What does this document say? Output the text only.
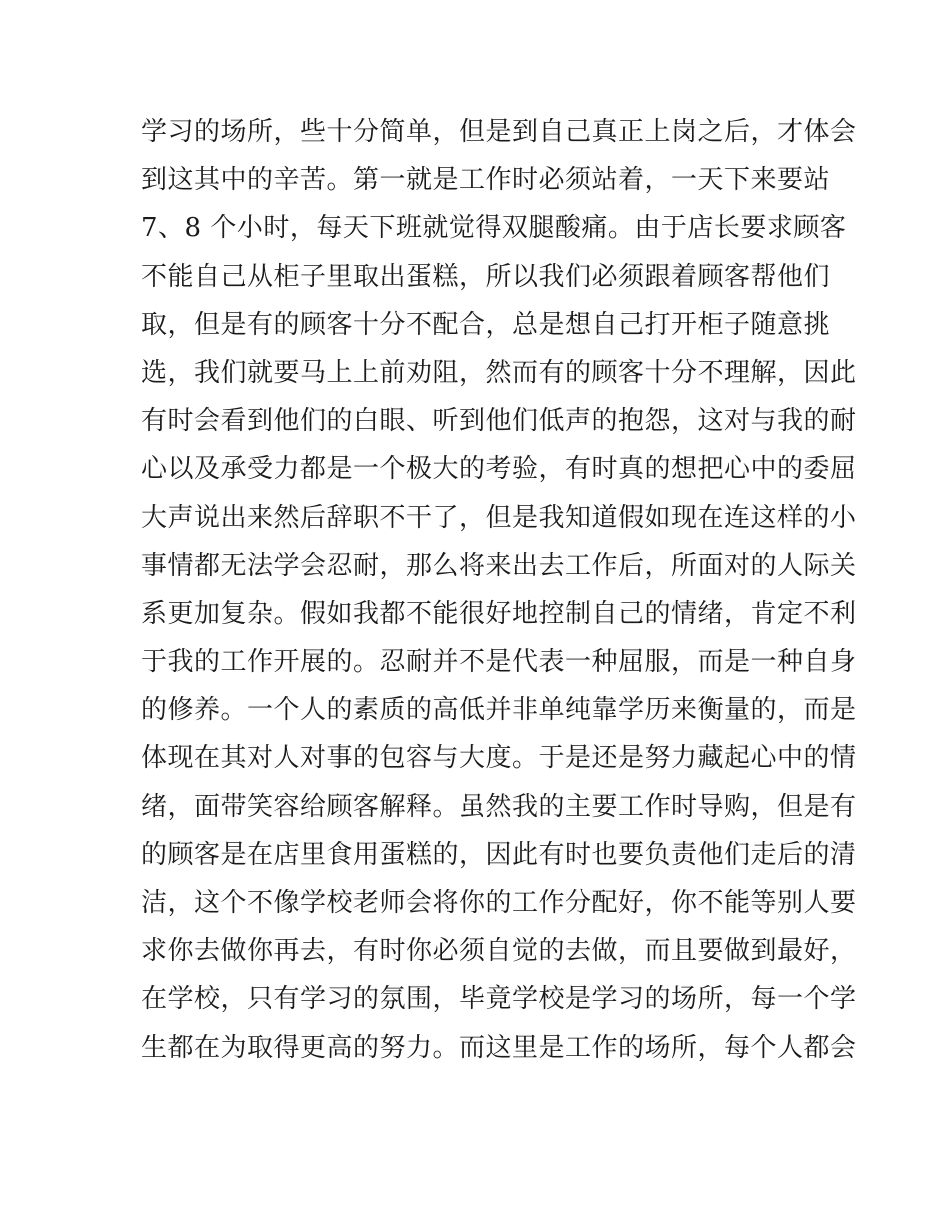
学习的场所，些十分简单，但是到自己真正上岗之后，才体会
到这其中的辛苦。第一就是工作时必须站着，一天下来要站
7、8 个小时，每天下班就觉得双腿酸痛。由于店长要求顾客
不能自己从柜子里取出蛋糕，所以我们必须跟着顾客帮他们
取，但是有的顾客十分不配合，总是想自己打开柜子随意挑
选，我们就要马上上前劝阻，然而有的顾客十分不理解，因此
有时会看到他们的白眼、听到他们低声的抱怨，这对与我的耐
心以及承受力都是一个极大的考验，有时真的想把心中的委屈
大声说出来然后辞职不干了，但是我知道假如现在连这样的小
事情都无法学会忍耐，那么将来出去工作后，所面对的人际关
系更加复杂。假如我都不能很好地控制自己的情绪，肯定不利
于我的工作开展的。忍耐并不是代表一种屈服，而是一种自身
的修养。一个人的素质的高低并非单纯靠学历来衡量的，而是
体现在其对人对事的包容与大度。于是还是努力藏起心中的情
绪，面带笑容给顾客解释。虽然我的主要工作时导购，但是有
的顾客是在店里食用蛋糕的，因此有时也要负责他们走后的清
洁，这个不像学校老师会将你的工作分配好，你不能等别人要
求你去做你再去，有时你必须自觉的去做，而且要做到最好，
在学校，只有学习的氛围，毕竟学校是学习的场所，每一个学
生都在为取得更高的努力。而这里是工作的场所，每个人都会
